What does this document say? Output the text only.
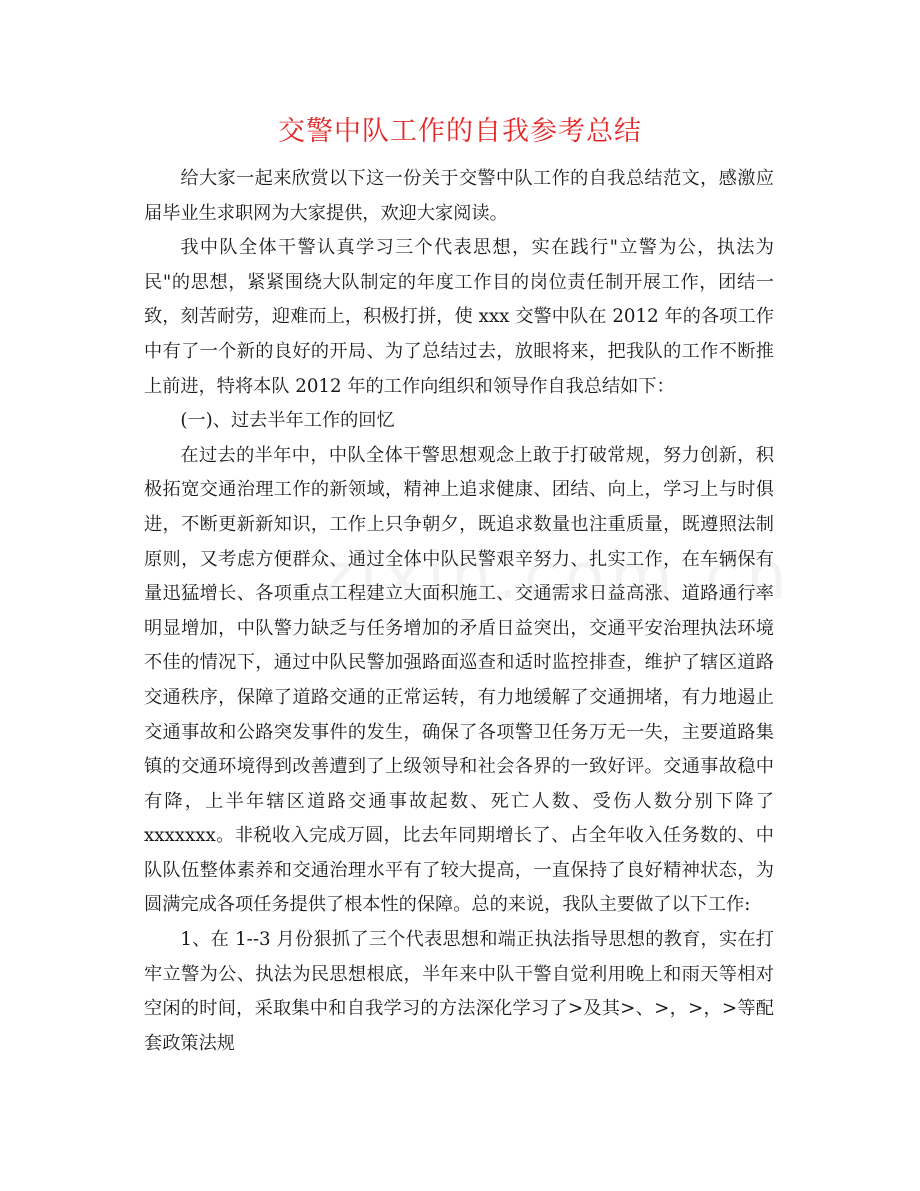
交警中队工作的自我参考总结

给大家一起来欣赏以下这一份关于交警中队工作的自我总结范文，感激应届毕业生求职网为大家提供，欢迎大家阅读。

我中队全体干警认真学习三个代表思想，实在践行"立警为公，执法为民"的思想，紧紧围绕大队制定的年度工作目的岗位责任制开展工作，团结一致，刻苦耐劳，迎难而上，积极打拼，使 xxx 交警中队在 2012 年的各项工作中有了一个新的良好的开局、为了总结过去，放眼将来，把我队的工作不断推上前进，特将本队 2012 年的工作向组织和领导作自我总结如下：

(一)、过去半年工作的回忆

在过去的半年中，中队全体干警思想观念上敢于打破常规，努力创新，积极拓宽交通治理工作的新领域，精神上追求健康、团结、向上，学习上与时俱进，不断更新新知识，工作上只争朝夕，既追求数量也注重质量，既遵照法制原则，又考虑方便群众、通过全体中队民警艰辛努力、扎实工作，在车辆保有量迅猛增长、各项重点工程建立大面积施工、交通需求日益高涨、道路通行率明显增加，中队警力缺乏与任务增加的矛盾日益突出，交通平安治理执法环境不佳的情况下，通过中队民警加强路面巡查和适时监控排查，维护了辖区道路交通秩序，保障了道路交通的正常运转，有力地缓解了交通拥堵，有力地遏止交通事故和公路突发事件的发生，确保了各项警卫任务万无一失，主要道路集镇的交通环境得到改善遭到了上级领导和社会各界的一致好评。交通事故稳中有降，上半年辖区道路交通事故起数、死亡人数、受伤人数分别下降了 xxxxxxx。非税收入完成万圆，比去年同期增长了、占全年收入任务数的、中队队伍整体素养和交通治理水平有了较大提高，一直保持了良好精神状态，为圆满完成各项任务提供了根本性的保障。总的来说，我队主要做了以下工作:

1、在 1--3 月份狠抓了三个代表思想和端正执法指导思想的教育，实在打牢立警为公、执法为民思想根底，半年来中队干警自觉利用晚上和雨天等相对空闲的时间，采取集中和自我学习的方法深化学习了>及其>、>，>，>等配套政策法规
